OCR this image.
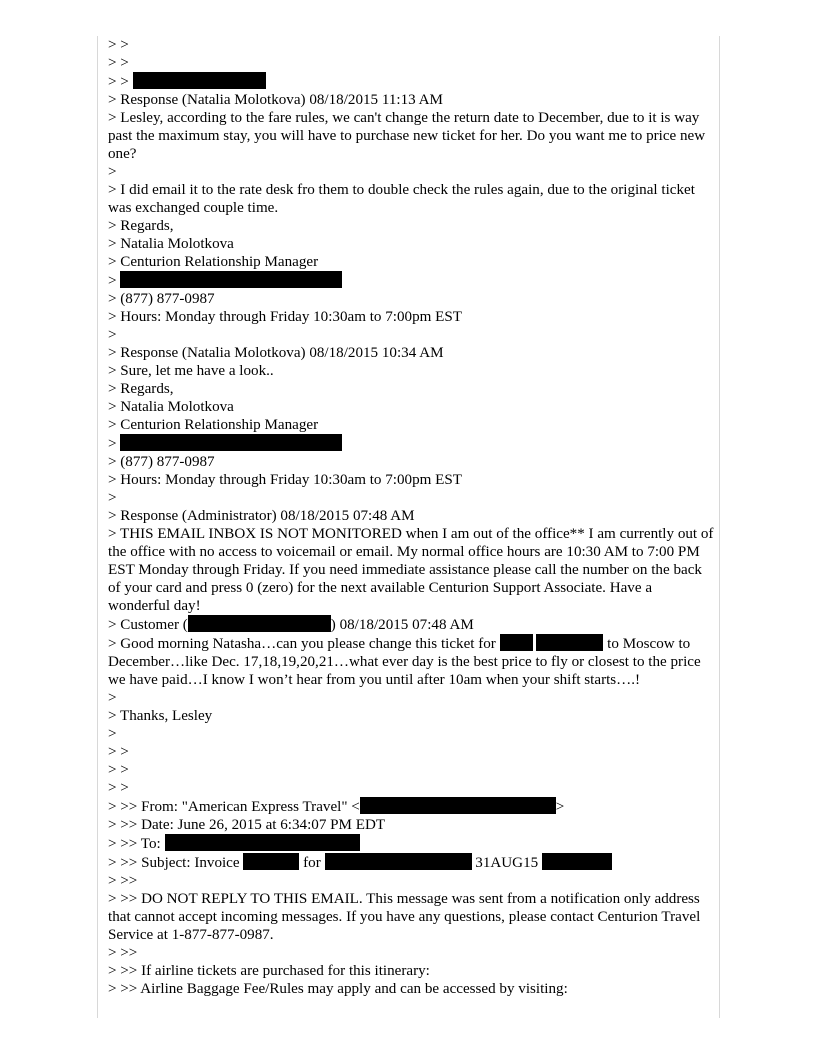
> >
> >
> >
> Response (Natalia Molotkova) 08/18/2015 11:13 AM
> Lesley, according to the fare rules, we can't change the return date to December, due to it is way past the maximum stay, you will have to purchase new ticket for her. Do you want me to price new one?
>
> I did email it to the rate desk fro them to double check the rules again, due to the original ticket was exchanged couple time.
> Regards,
> Natalia Molotkova
> Centurion Relationship Manager
>
> (877) 877-0987
> Hours: Monday through Friday 10:30am to 7:00pm EST
>
> Response (Natalia Molotkova) 08/18/2015 10:34 AM
> Sure, let me have a look..
> Regards,
> Natalia Molotkova
> Centurion Relationship Manager
>
> (877) 877-0987
> Hours: Monday through Friday 10:30am to 7:00pm EST
>
> Response (Administrator) 08/18/2015 07:48 AM
> THIS EMAIL INBOX IS NOT MONITORED when I am out of the office** I am currently out of the office with no access to voicemail or email. My normal office hours are 10:30 AM to 7:00 PM EST Monday through Friday. If you need immediate assistance please call the number on the back of your card and press 0 (zero) for the next available Centurion Support Associate. Have a wonderful day!
> Customer (	) 08/18/2015 07:48 AM
> Good morning Natasha…can you please change this ticket for	to Moscow to December…like Dec. 17,18,19,20,21…what ever day is the best price to fly or closest to the price we have paid…I know I won’t hear from you until after 10am when your shift starts….!
>
> Thanks, Lesley
>
> >
> >
> >
> >> From: "American Express Travel" <	>
> >> Date: June 26, 2015 at 6:34:07 PM EDT
> >> To:
> >> Subject: Invoice	for	31AUG15
> >>
> >> DO NOT REPLY TO THIS EMAIL. This message was sent from a notification only address that cannot accept incoming messages. If you have any questions, please contact Centurion Travel Service at 1-877-877-0987.
> >>
> >> If airline tickets are purchased for this itinerary:
> >> Airline Baggage Fee/Rules may apply and can be accessed by visiting:
